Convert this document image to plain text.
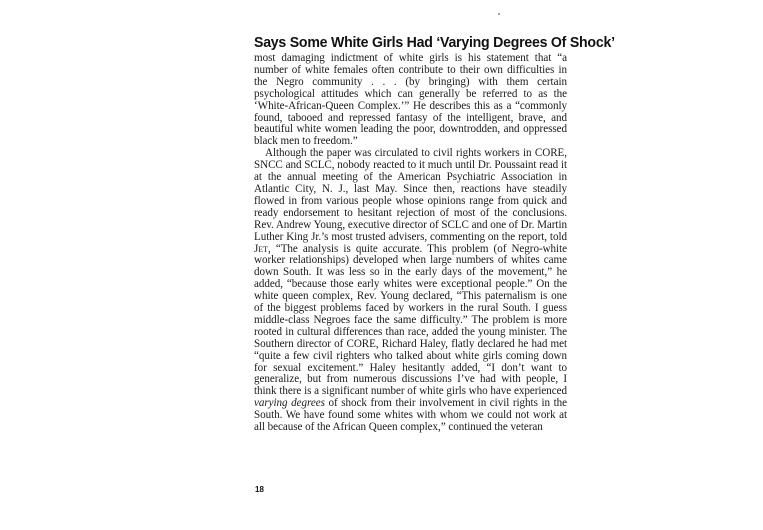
Says Some White Girls Had ‘Varying Degrees Of Shock’

most damaging indictment of white girls is his statement that “a number of white females often contribute to their own difficulties in the Negro community . . . (by bringing) with them certain psychological attitudes which can generally be referred to as the ‘White-African-Queen Complex.’” He describes this as a “commonly found, tabooed and repressed fantasy of the intelligent, brave, and beautiful white women leading the poor, downtrodden, and oppressed black men to freedom.”

Although the paper was circulated to civil rights workers in CORE, SNCC and SCLC, nobody reacted to it much until Dr. Poussaint read it at the annual meeting of the American Psychiatric Association in Atlantic City, N. J., last May. Since then, reactions have steadily flowed in from various people whose opinions range from quick and ready endorsement to hesitant rejection of most of the conclusions. Rev. Andrew Young, executive director of SCLC and one of Dr. Martin Luther King Jr.’s most trusted advisers, commenting on the report, told Jet, “The analysis is quite accurate. This problem (of Negro-white worker relationships) developed when large numbers of whites came down South. It was less so in the early days of the movement,” he added, “because those early whites were exceptional people.” On the white queen complex, Rev. Young declared, “This paternalism is one of the biggest problems faced by workers in the rural South. I guess middle-class Negroes face the same difficulty.” The problem is more rooted in cultural differences than race, added the young minister. The Southern director of CORE, Richard Haley, flatly declared he had met “quite a few civil righters who talked about white girls coming down for sexual excitement.” Haley hesitantly added, “I don’t want to generalize, but from numerous discussions I’ve had with people, I think there is a significant number of white girls who have experienced varying degrees of shock from their involvement in civil rights in the South. We have found some whites with whom we could not work at all because of the African Queen complex,” continued the veteran

18
